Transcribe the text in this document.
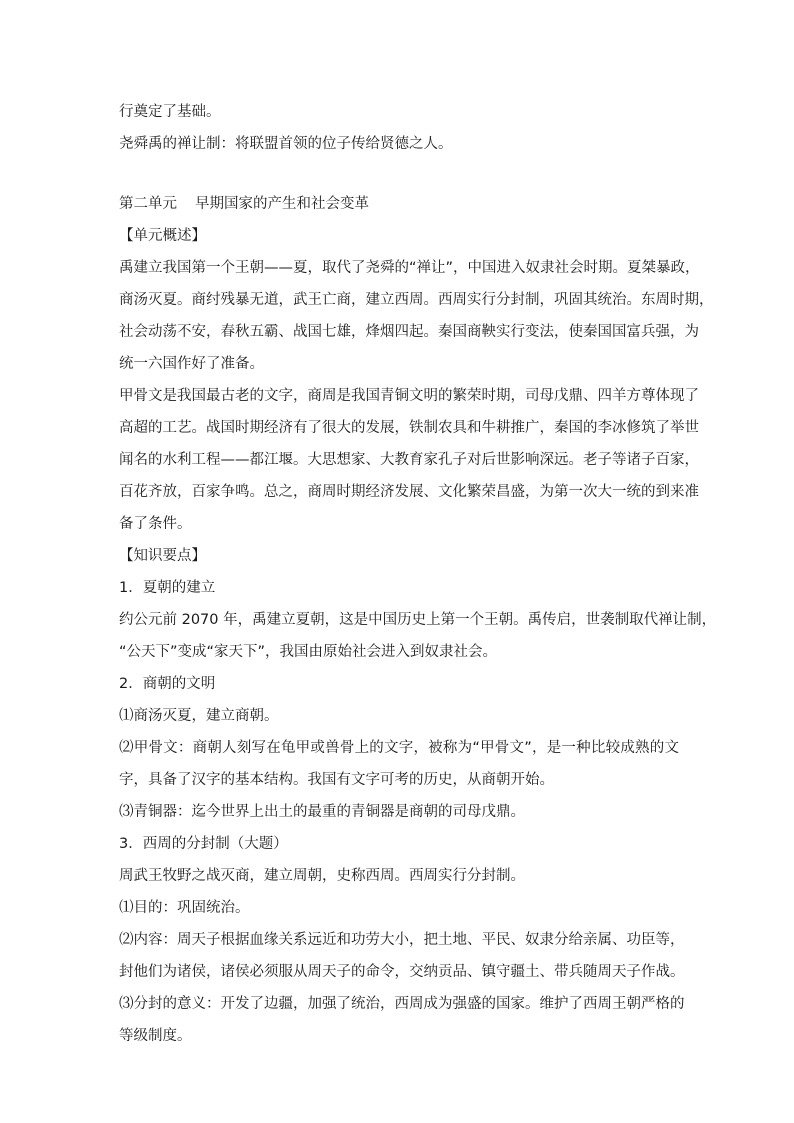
行奠定了基础。
尧舜禹的禅让制：将联盟首领的位子传给贤德之人。
第二单元 早期国家的产生和社会变革
【单元概述】
禹建立我国第一个王朝——夏，取代了尧舜的“禅让”，中国进入奴隶社会时期。夏桀暴政，
商汤灭夏。商纣残暴无道，武王亡商，建立西周。西周实行分封制，巩固其统治。东周时期，
社会动荡不安，春秋五霸、战国七雄，烽烟四起。秦国商鞅实行变法，使秦国国富兵强，为
统一六国作好了准备。
甲骨文是我国最古老的文字，商周是我国青铜文明的繁荣时期，司母戊鼎、四羊方尊体现了
高超的工艺。战国时期经济有了很大的发展，铁制农具和牛耕推广，秦国的李冰修筑了举世
闻名的水利工程——都江堰。大思想家、大教育家孔子对后世影响深远。老子等诸子百家，
百花齐放，百家争鸣。总之，商周时期经济发展、文化繁荣昌盛，为第一次大一统的到来准
备了条件。
【知识要点】
1．夏朝的建立
约公元前 2070 年，禹建立夏朝，这是中国历史上第一个王朝。禹传启，世袭制取代禅让制，
“公天下”变成“家天下”，我国由原始社会进入到奴隶社会。
2．商朝的文明
⑴商汤灭夏，建立商朝。
⑵甲骨文：商朝人刻写在龟甲或兽骨上的文字，被称为“甲骨文”，是一种比较成熟的文
字，具备了汉字的基本结构。我国有文字可考的历史，从商朝开始。
⑶青铜器：迄今世界上出土的最重的青铜器是商朝的司母戊鼎。
3．西周的分封制（大题）
周武王牧野之战灭商，建立周朝，史称西周。西周实行分封制。
⑴目的：巩固统治。
⑵内容：周天子根据血缘关系远近和功劳大小，把土地、平民、奴隶分给亲属、功臣等，
封他们为诸侯，诸侯必须服从周天子的命令，交纳贡品、镇守疆土、带兵随周天子作战。
⑶分封的意义：开发了边疆，加强了统治，西周成为强盛的国家。维护了西周王朝严格的
等级制度。
